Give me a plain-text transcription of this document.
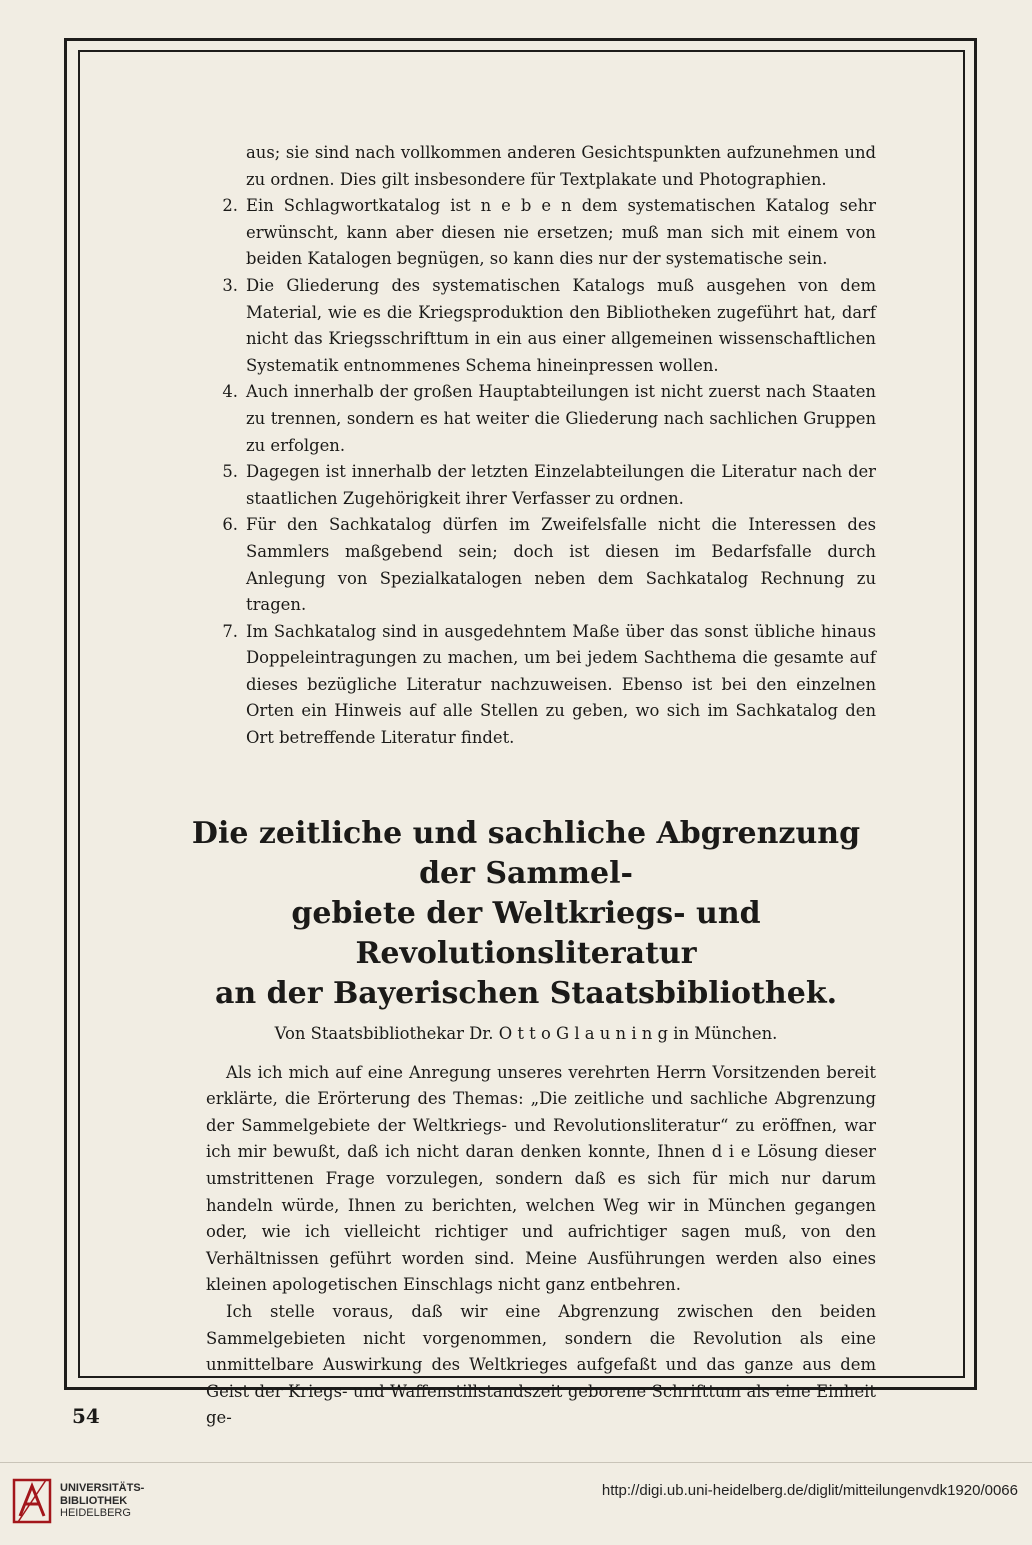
aus; sie sind nach vollkommen anderen Gesichtspunkten aufzunehmen und zu ordnen. Dies gilt insbesondere für Textplakate und Photographien.

2. Ein Schlagwortkatalog ist n e b e n dem systematischen Katalog sehr erwünscht, kann aber diesen nie ersetzen; muß man sich mit einem von beiden Katalogen begnügen, so kann dies nur der systematische sein.

3. Die Gliederung des systematischen Katalogs muß ausgehen von dem Material, wie es die Kriegsproduktion den Bibliotheken zugeführt hat, darf nicht das Kriegsschrifttum in ein aus einer allgemeinen wissenschaftlichen Systematik entnommenes Schema hineinpressen wollen.

4. Auch innerhalb der großen Hauptabteilungen ist nicht zuerst nach Staaten zu trennen, sondern es hat weiter die Gliederung nach sachlichen Gruppen zu erfolgen.

5. Dagegen ist innerhalb der letzten Einzelabteilungen die Literatur nach der staatlichen Zugehörigkeit ihrer Verfasser zu ordnen.

6. Für den Sachkatalog dürfen im Zweifelsfalle nicht die Interessen des Sammlers maßgebend sein; doch ist diesen im Bedarfsfalle durch Anlegung von Spezialkatalogen neben dem Sachkatalog Rechnung zu tragen.

7. Im Sachkatalog sind in ausgedehntem Maße über das sonst übliche hinaus Doppeleintragungen zu machen, um bei jedem Sachthema die gesamte auf dieses bezügliche Literatur nachzuweisen. Ebenso ist bei den einzelnen Orten ein Hinweis auf alle Stellen zu geben, wo sich im Sachkatalog den Ort betreffende Literatur findet.

Die zeitliche und sachliche Abgrenzung der Sammel-
gebiete der Weltkriegs- und Revolutionsliteratur
an der Bayerischen Staatsbibliothek.
Von Staatsbibliothekar Dr. O t t o G l a u n i n g in München.

Als ich mich auf eine Anregung unseres verehrten Herrn Vorsitzenden bereit erklärte, die Erörterung des Themas: „Die zeitliche und sachliche Abgrenzung der Sammelgebiete der Weltkriegs- und Revolutionsliteratur“ zu eröffnen, war ich mir bewußt, daß ich nicht daran denken konnte, Ihnen d i e Lösung dieser umstrittenen Frage vorzulegen, sondern daß es sich für mich nur darum handeln würde, Ihnen zu berichten, welchen Weg wir in München gegangen oder, wie ich vielleicht richtiger und aufrichtiger sagen muß, von den Verhältnissen geführt worden sind. Meine Ausführungen werden also eines kleinen apologetischen Einschlags nicht ganz entbehren.

Ich stelle voraus, daß wir eine Abgrenzung zwischen den beiden Sammelgebieten nicht vorgenommen, sondern die Revolution als eine unmittelbare Auswirkung des Weltkrieges aufgefaßt und das ganze aus dem Geist der Kriegs- und Waffenstillstandszeit geborene Schrifttum als eine Einheit ge-

54

UNIVERSITÄTS-
BIBLIOTHEK
HEIDELBERG
http://digi.ub.uni-heidelberg.de/diglit/mitteilungenvdk1920/0066
